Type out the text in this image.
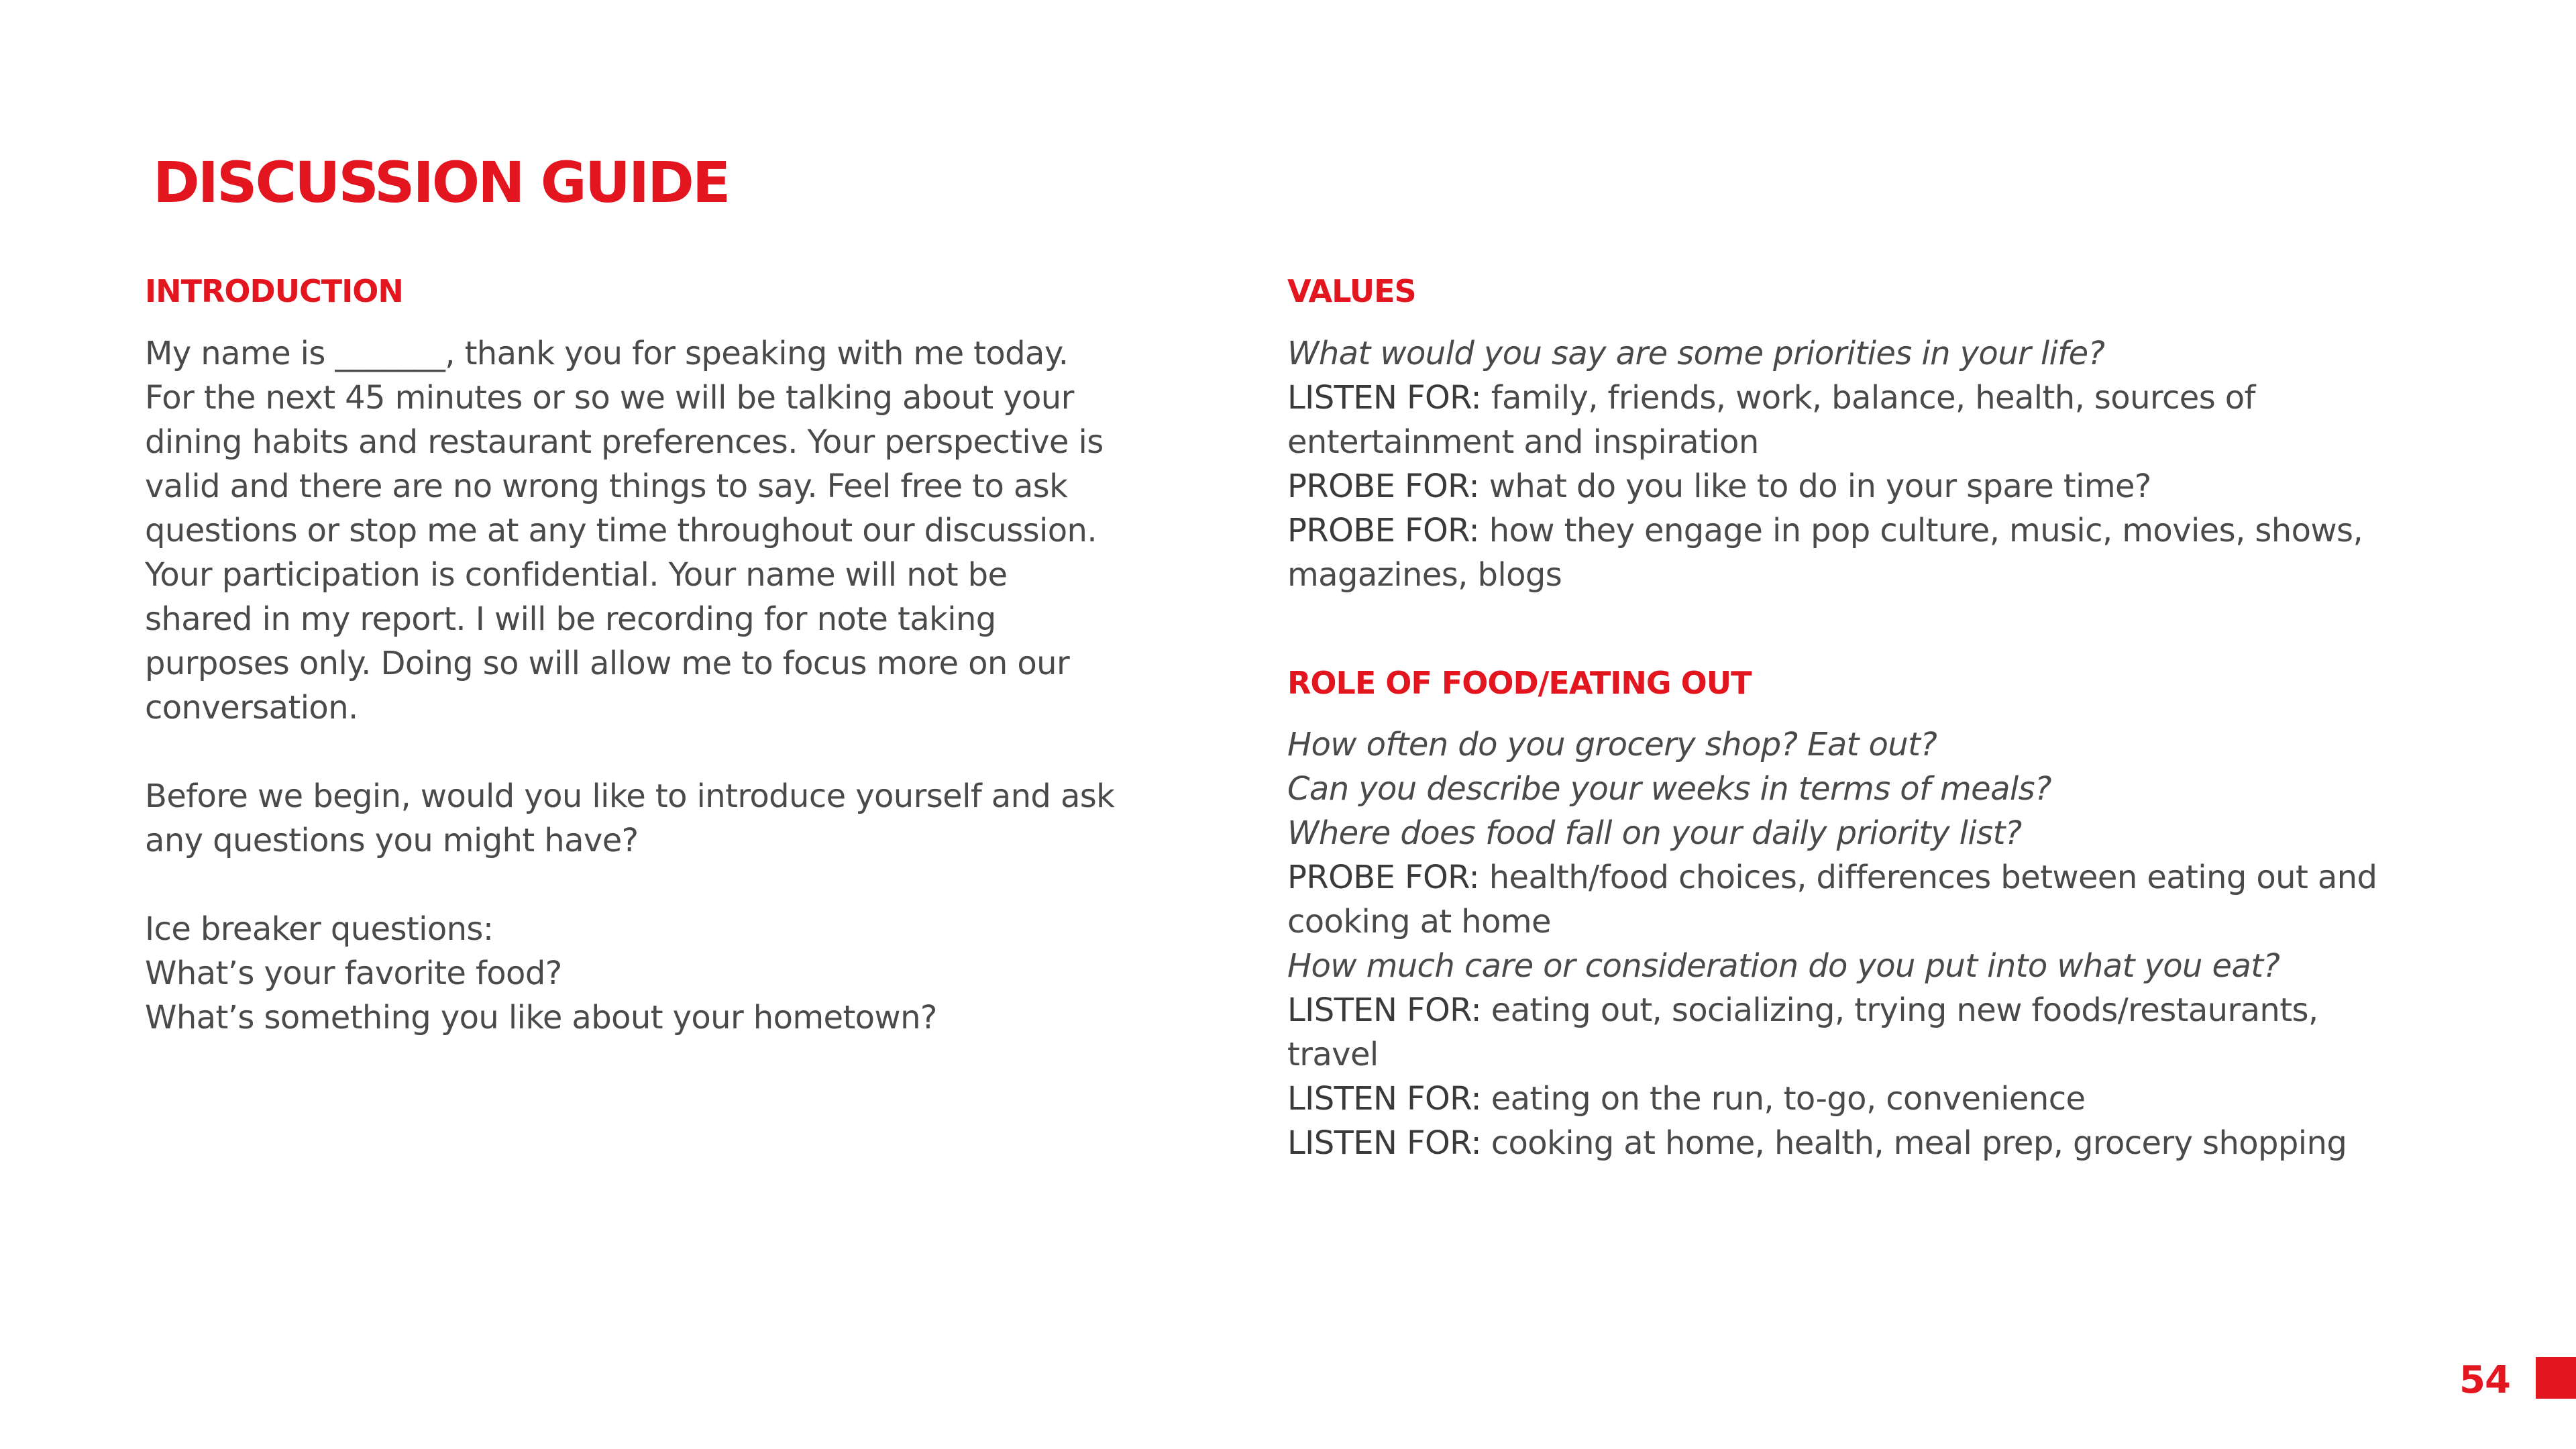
DISCUSSION GUIDE
INTRODUCTION
My name is _______, thank you for speaking with me today.
For the next 45 minutes or so we will be talking about your
dining habits and restaurant preferences. Your perspective is
valid and there are no wrong things to say. Feel free to ask
questions or stop me at any time throughout our discussion.
Your participation is confidential. Your name will not be
shared in my report. I will be recording for note taking
purposes only. Doing so will allow me to focus more on our
conversation.
Before we begin, would you like to introduce yourself and ask
any questions you might have?
Ice breaker questions:
What’s your favorite food?
What’s something you like about your hometown?
VALUES
What would you say are some priorities in your life?
LISTEN FOR: family, friends, work, balance, health, sources of
entertainment and inspiration
PROBE FOR: what do you like to do in your spare time?
PROBE FOR: how they engage in pop culture, music, movies, shows,
magazines, blogs
ROLE OF FOOD/EATING OUT
How often do you grocery shop? Eat out?
Can you describe your weeks in terms of meals?
Where does food fall on your daily priority list?
PROBE FOR: health/food choices, differences between eating out and
cooking at home
How much care or consideration do you put into what you eat?
LISTEN FOR: eating out, socializing, trying new foods/restaurants,
travel
LISTEN FOR: eating on the run, to-go, convenience
LISTEN FOR: cooking at home, health, meal prep, grocery shopping
54
